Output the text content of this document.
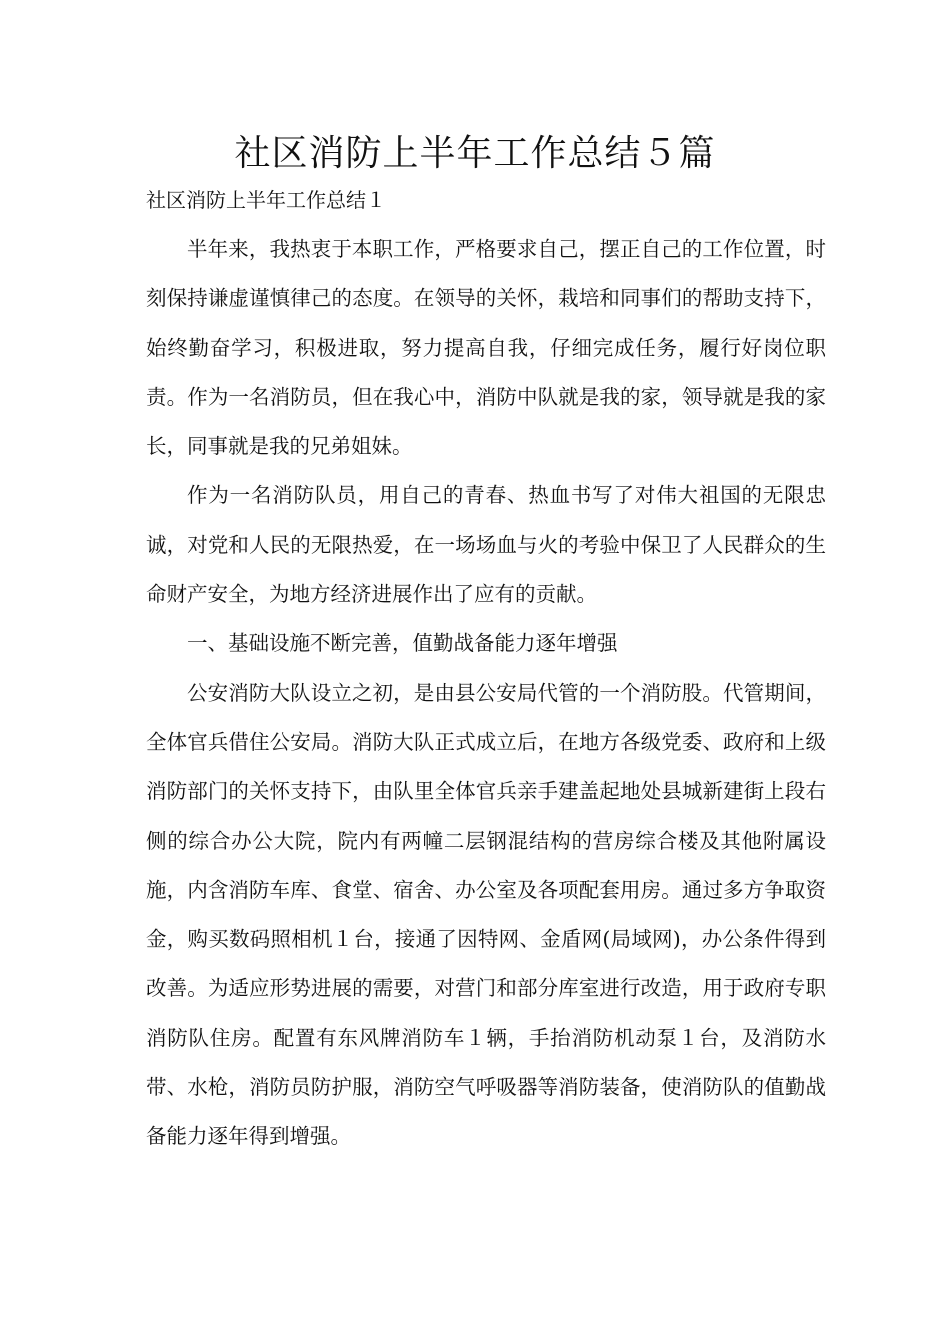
社区消防上半年工作总结５篇

社区消防上半年工作总结１

半年来，我热衷于本职工作，严格要求自己，摆正自己的工作位置，时刻保持谦虚谨慎律己的态度。在领导的关怀，栽培和同事们的帮助支持下，始终勤奋学习，积极进取，努力提高自我，仔细完成任务，履行好岗位职责。作为一名消防员，但在我心中，消防中队就是我的家，领导就是我的家长，同事就是我的兄弟姐妹。

作为一名消防队员，用自己的青春、热血书写了对伟大祖国的无限忠诚，对党和人民的无限热爱，在一场场血与火的考验中保卫了人民群众的生命财产安全，为地方经济进展作出了应有的贡献。

一、基础设施不断完善，值勤战备能力逐年增强

公安消防大队设立之初，是由县公安局代管的一个消防股。代管期间，全体官兵借住公安局。消防大队正式成立后，在地方各级党委、政府和上级消防部门的关怀支持下，由队里全体官兵亲手建盖起地处县城新建街上段右侧的综合办公大院，院内有两幢二层钢混结构的营房综合楼及其他附属设施，内含消防车库、食堂、宿舍、办公室及各项配套用房。通过多方争取资金，购买数码照相机１台，接通了因特网、金盾网(局域网)，办公条件得到改善。为适应形势进展的需要，对营门和部分库室进行改造，用于政府专职消防队住房。配置有东风牌消防车１辆，手抬消防机动泵１台，及消防水带、水枪，消防员防护服，消防空气呼吸器等消防装备，使消防队的值勤战备能力逐年得到增强。
